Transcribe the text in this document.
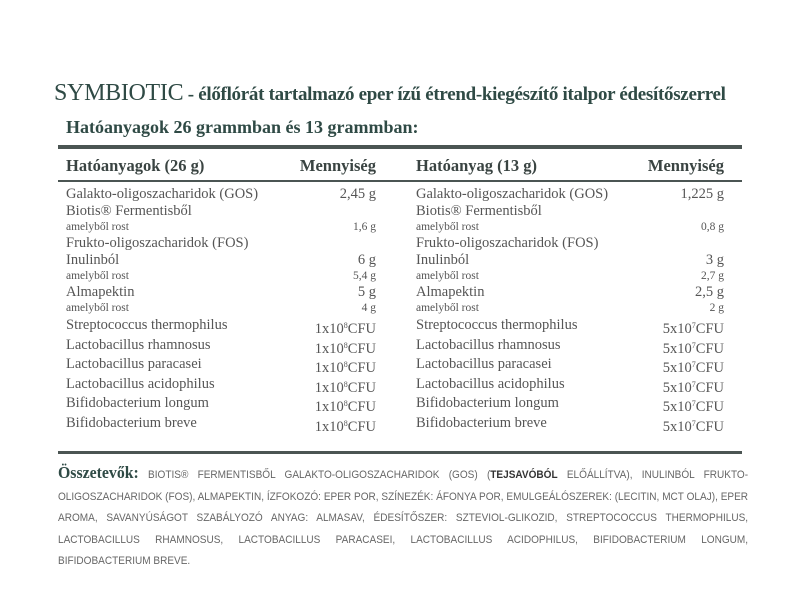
SYMBIOTIC - élőflórát tartalmazó eper ízű étrend-kiegészítő italpor édesítőszerrel
Hatóanyagok 26 grammban és 13 grammban:
Hatóanyagok (26 g)	Mennyiség
Galakto-oligoszacharidok (GOS) Biotis® Fermentisből
2,45 g
amelyből rost	1,6 g
Frukto-oligoszacharidok (FOS) Inulinból	6 g
amelyből rost	5,4 g
Almapektin	5 g
amelyből rost	4 g
Streptococcus thermophilus	$1x10^8CFU$
Lactobacillus rhamnosus	$1x10^8CFU$
Lactobacillus paracasei	$1x10^8CFU$
Lactobacillus acidophilus	$1x10^8CFU$
Bifidobacterium longum	$1x10^8CFU$
Bifidobacterium breve	$1x10^8CFU$
Hatóanyag (13 g)	Mennyiség
Galakto-oligoszacharidok (GOS) Biotis® Fermentisből
1,225 g
amelyből rost	0,8 g
Frukto-oligoszacharidok (FOS) Inulinból	3 g
amelyből rost	2,7 g
Almapektin	2,5 g
amelyből rost	2 g
Streptococcus thermophilus	$5x10^7CFU$
Lactobacillus rhamnosus	$5x10^7CFU$
Lactobacillus paracasei	$5x10^7CFU$
Lactobacillus acidophilus	$5x10^7CFU$
Bifidobacterium longum	$5x10^7CFU$
Bifidobacterium breve	$5x10^7CFU$
Összetevők: BIOTIS® FERMENTISBŐL GALAKTO-OLIGOSZACHARIDOK (GOS) (TEJSAVÓBÓL ELŐÁLLÍTVA), INULINBÓL FRUKTO-OLIGOSZACHARIDOK (FOS), ALMAPEKTIN, ÍZFOKOZÓ: EPER POR, SZÍNEZÉK: ÁFONYA POR, EMULGEÁLÓSZEREK: (LECITIN, MCT OLAJ), EPER AROMA, SAVANYÚSÁGOT SZABÁLYOZÓ ANYAG: ALMASAV, ÉDESÍTŐSZER: SZTEVIOL-GLIKOZID, STREPTOCOCCUS THERMOPHILUS, LACTOBACILLUS RHAMNOSUS, LACTOBACILLUS PARACASEI, LACTOBACILLUS ACIDOPHILUS, BIFIDOBACTERIUM LONGUM, BIFIDOBACTERIUM BREVE.
